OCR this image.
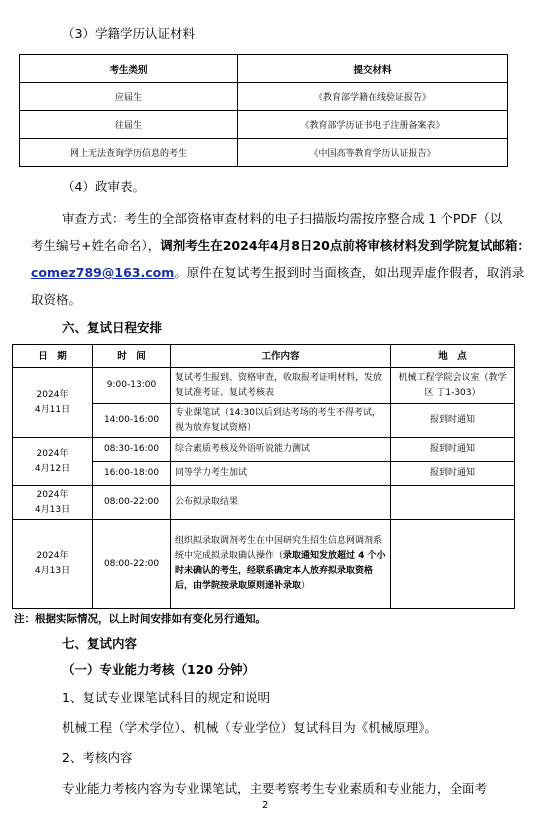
（3）学籍学历认证材料
考生类别	提交材料
应届生	《教育部学籍在线验证报告》
往届生	《教育部学历证书电子注册备案表》
网上无法查询学历信息的考生	《中国高等教育学历认证报告》
（4）政审表。
审查方式：考生的全部资格审查材料的电子扫描版均需按序整合成 1 个PDF（以
考生编号+姓名命名），调剂考生在2024年4月8日20点前将审核材料发到学院复试邮箱：
comez789@163.com。原件在复试考生报到时当面核查，如出现弄虚作假者，取消录
取资格。
六、复试日程安排
日　期	时　间	工作内容	地　点
2024年
4月11日	9:00-13:00	复试考生报到、资格审查，收取报考证明材料，发放复试准考证、复试考核表	机械工程学院会议室（教学区 丁1-303）
	14:00-16:00	专业课笔试（14:30以后到达考场的考生不得考试，视为放弃复试资格）	报到时通知
2024年
4月12日	08:30-16:00	综合素质考核及外语听说能力测试	报到时通知
	16:00-18:00	同等学力考生加试	报到时通知
2024年
4月13日	08:00-22:00	公布拟录取结果	
2024年
4月13日	08:00-22:00	组织拟录取调剂考生在中国研究生招生信息网调剂系统中完成拟录取确认操作（录取通知发放超过 4 个小时未确认的考生，经联系确定本人放弃拟录取资格后，由学院按录取原则递补录取）	
注：根据实际情况，以上时间安排如有变化另行通知。
七、复试内容
（一）专业能力考核（120 分钟）
1、复试专业课笔试科目的规定和说明
机械工程（学术学位）、机械（专业学位）复试科目为《机械原理》。
2、考核内容
专业能力考核内容为专业课笔试，主要考察考生专业素质和专业能力，全面考
2
